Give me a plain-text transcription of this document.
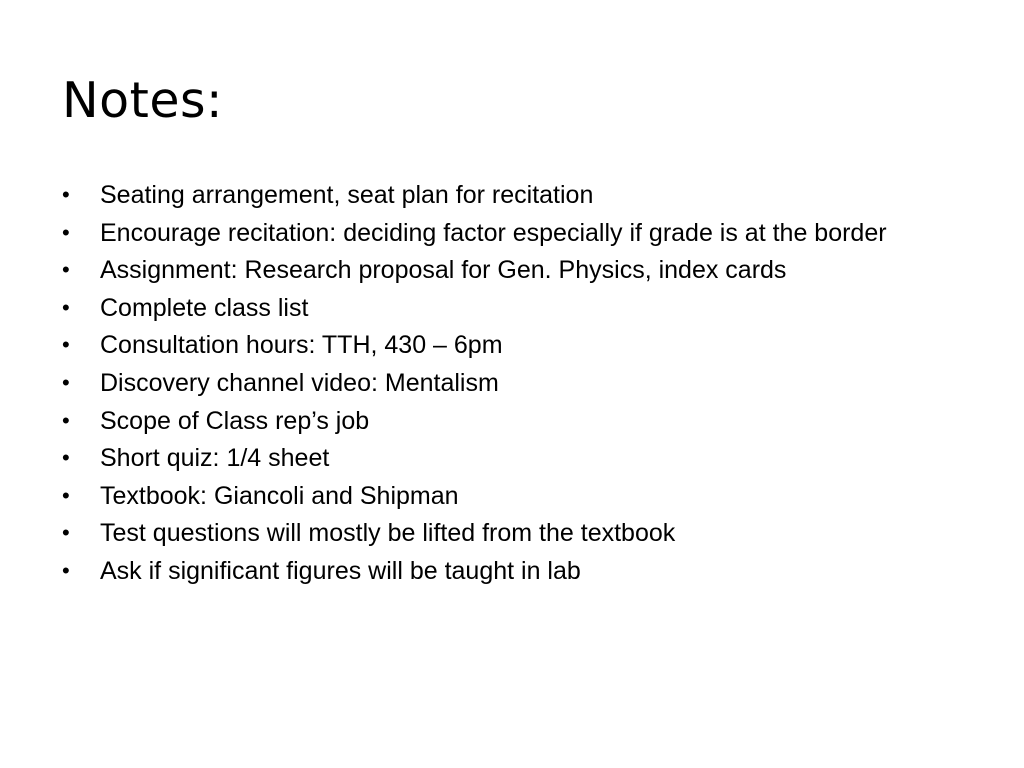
Notes:
•	Seating arrangement, seat plan for recitation
•	Encourage recitation: deciding factor especially if grade is at the border
•	Assignment: Research proposal for Gen. Physics, index cards
•	Complete class list
•	Consultation hours: TTH, 430 – 6pm
•	Discovery channel video: Mentalism
•	Scope of Class rep’s job
•	Short quiz: 1/4 sheet
•	Textbook: Giancoli and Shipman
•	Test questions will mostly be lifted from the textbook
•	Ask if significant figures will be taught in lab
